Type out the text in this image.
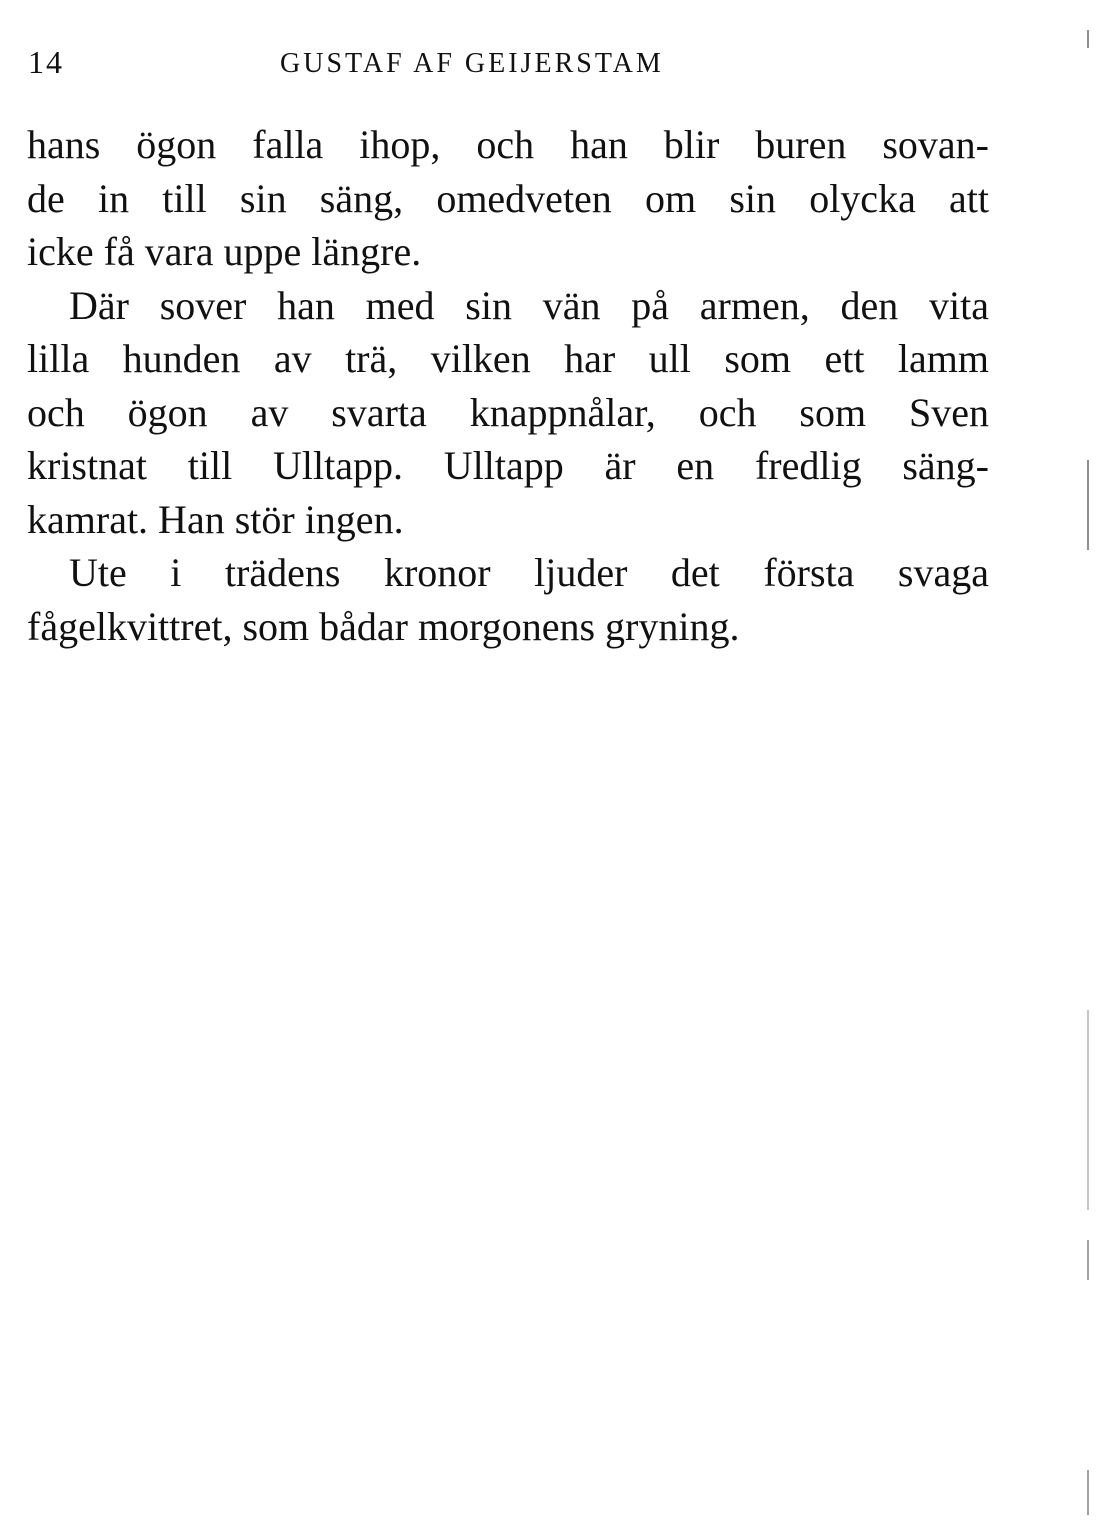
14	GUSTAF AF GEIJERSTAM
hans ögon falla ihop, och han blir buren sovan-
de in till sin säng, omedveten om sin olycka att
icke få vara uppe längre.
Där sover han med sin vän på armen, den vita
lilla hunden av trä, vilken har ull som ett lamm
och ögon av svarta knappnålar, och som Sven
kristnat till Ulltapp. Ulltapp är en fredlig säng-
kamrat. Han stör ingen.
Ute i trädens kronor ljuder det första svaga
fågelkvittret, som bådar morgonens gryning.
